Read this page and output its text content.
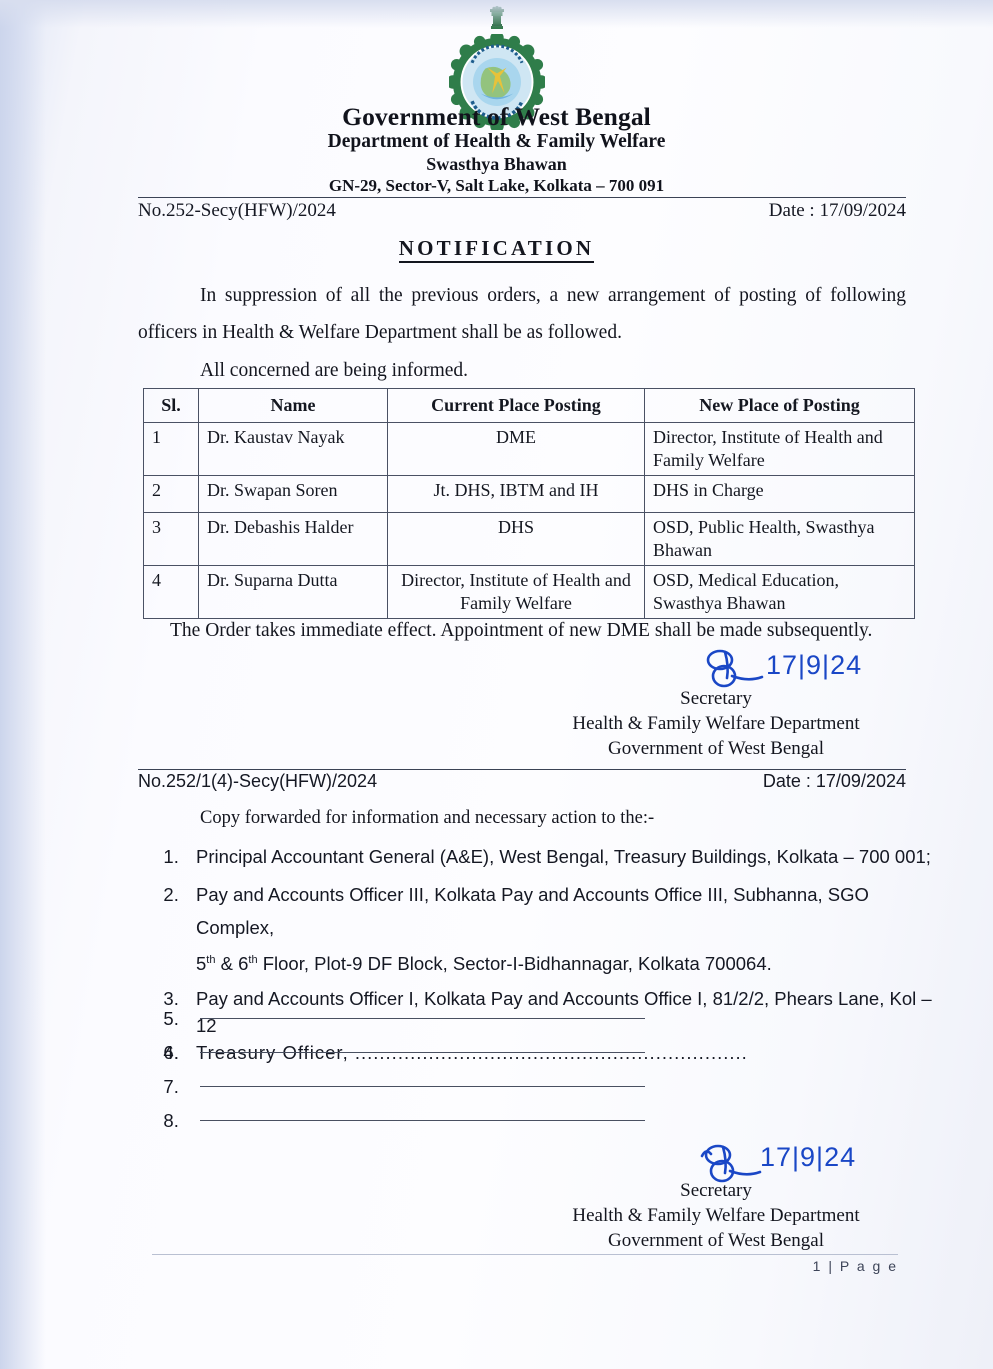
Government of West Bengal
Department of Health & Family Welfare
Swasthya Bhawan
GN-29, Sector-V, Salt Lake, Kolkata – 700 091
No.252-Secy(HFW)/2024	Date : 17/09/2024
NOTIFICATION
In suppression of all the previous orders, a new arrangement of posting of following officers in Health & Welfare Department shall be as followed.
All concerned are being informed.
Sl.	Name	Current Place Posting	New Place of Posting
1	Dr. Kaustav Nayak	DME	Director, Institute of Health and Family Welfare
2	Dr. Swapan Soren	Jt. DHS, IBTM and IH	DHS in Charge
3	Dr. Debashis Halder	DHS	OSD, Public Health, Swasthya Bhawan
4	Dr. Suparna Dutta	Director, Institute of Health and Family Welfare	OSD, Medical Education, Swasthya Bhawan
The Order takes immediate effect. Appointment of new DME shall be made subsequently.
17|9|24
Secretary
Health & Family Welfare Department
Government of West Bengal
No.252/1(4)-Secy(HFW)/2024	Date : 17/09/2024
Copy forwarded for information and necessary action to the:-
1. Principal Accountant General (A&E), West Bengal, Treasury Buildings, Kolkata – 700 001;
2. Pay and Accounts Officer III, Kolkata Pay and Accounts Office III, Subhanna, SGO Complex,
5th & 6th Floor, Plot-9 DF Block, Sector-I-Bidhannagar, Kolkata 700064.
3. Pay and Accounts Officer I, Kolkata Pay and Accounts Office I, 81/2/2, Phears Lane, Kol – 12
4. Treasury Officer, ................................................................
5.
6.
7.
8.
17|9|24
Secretary
Health & Family Welfare Department
Government of West Bengal
1 | P a g e
